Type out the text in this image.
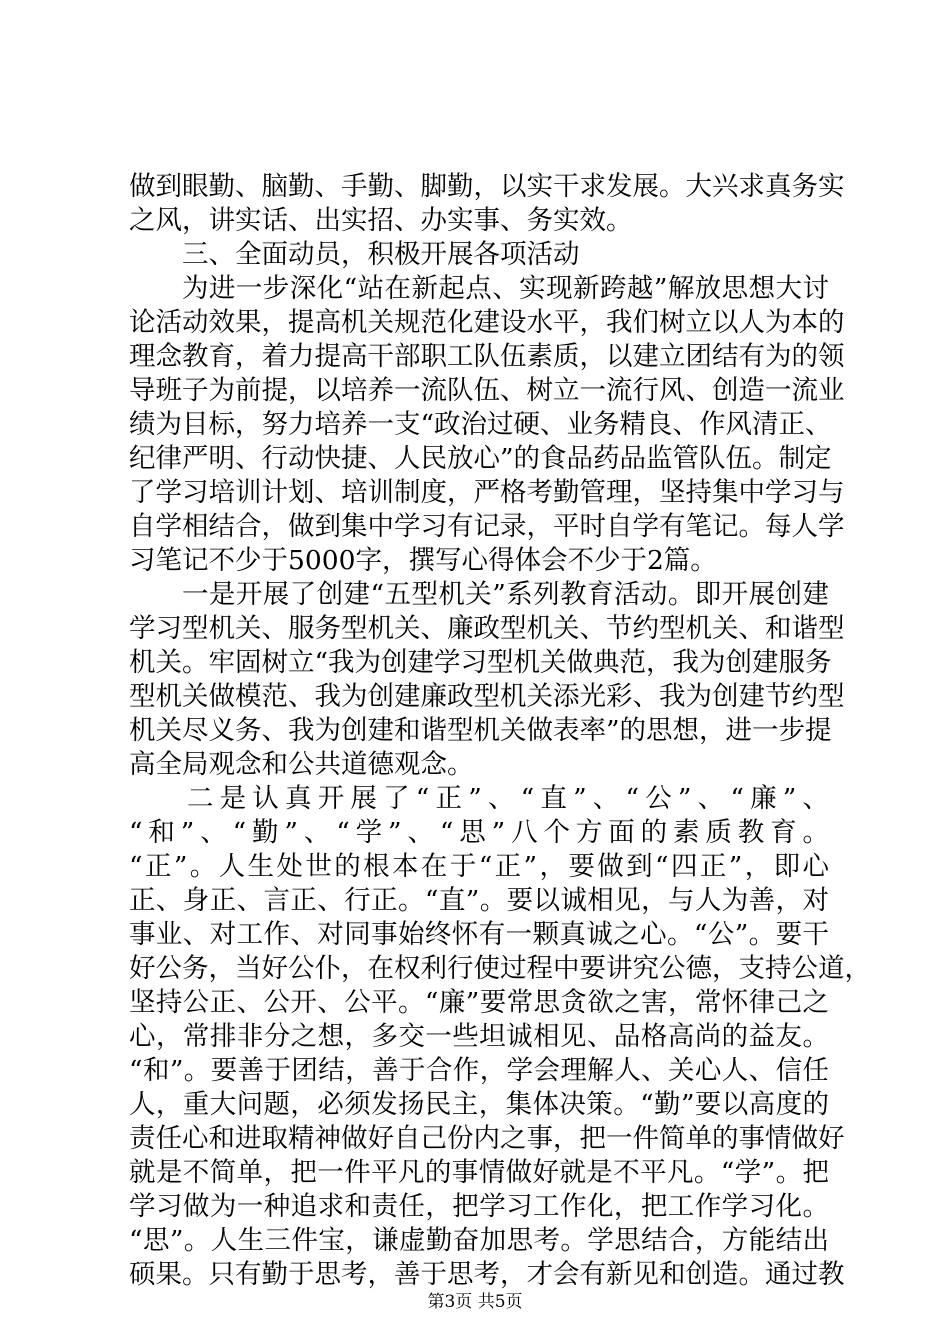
做到眼勤、脑勤、手勤、脚勤，以实干求发展。大兴求真务实
之风，讲实话、出实招、办实事、务实效。
三、全面动员，积极开展各项活动
为进一步深化“站在新起点、实现新跨越”解放思想大讨
论活动效果，提高机关规范化建设水平，我们树立以人为本的
理念教育，着力提高干部职工队伍素质，以建立团结有为的领
导班子为前提，以培养一流队伍、树立一流行风、创造一流业
绩为目标，努力培养一支“政治过硬、业务精良、作风清正、
纪律严明、行动快捷、人民放心”的食品药品监管队伍。制定
了学习培训计划、培训制度，严格考勤管理，坚持集中学习与
自学相结合，做到集中学习有记录，平时自学有笔记。每人学
习笔记不少于5000字，撰写心得体会不少于2篇。
一是开展了创建“五型机关”系列教育活动。即开展创建
学习型机关、服务型机关、廉政型机关、节约型机关、和谐型
机关。牢固树立“我为创建学习型机关做典范，我为创建服务
型机关做模范、我为创建廉政型机关添光彩、我为创建节约型
机关尽义务、我为创建和谐型机关做表率”的思想，进一步提
高全局观念和公共道德观念。
二是认真开展了“正”、“直”、“公”、“廉”、
“和”、“勤”、“学”、“思”八个方面的素质教育。
“正”。人生处世的根本在于“正”，要做到“四正”，即心
正、身正、言正、行正。“直”。要以诚相见，与人为善，对
事业、对工作、对同事始终怀有一颗真诚之心。“公”。要干
好公务，当好公仆，在权利行使过程中要讲究公德，支持公道，
坚持公正、公开、公平。“廉”要常思贪欲之害，常怀律己之
心，常排非分之想，多交一些坦诚相见、品格高尚的益友。
“和”。要善于团结，善于合作，学会理解人、关心人、信任
人，重大问题，必须发扬民主，集体决策。“勤”要以高度的
责任心和进取精神做好自己份内之事，把一件简单的事情做好
就是不简单，把一件平凡的事情做好就是不平凡。“学”。把
学习做为一种追求和责任，把学习工作化，把工作学习化。
“思”。人生三件宝，谦虚勤奋加思考。学思结合，方能结出
硕果。只有勤于思考，善于思考，才会有新见和创造。通过教
第3页 共5页
